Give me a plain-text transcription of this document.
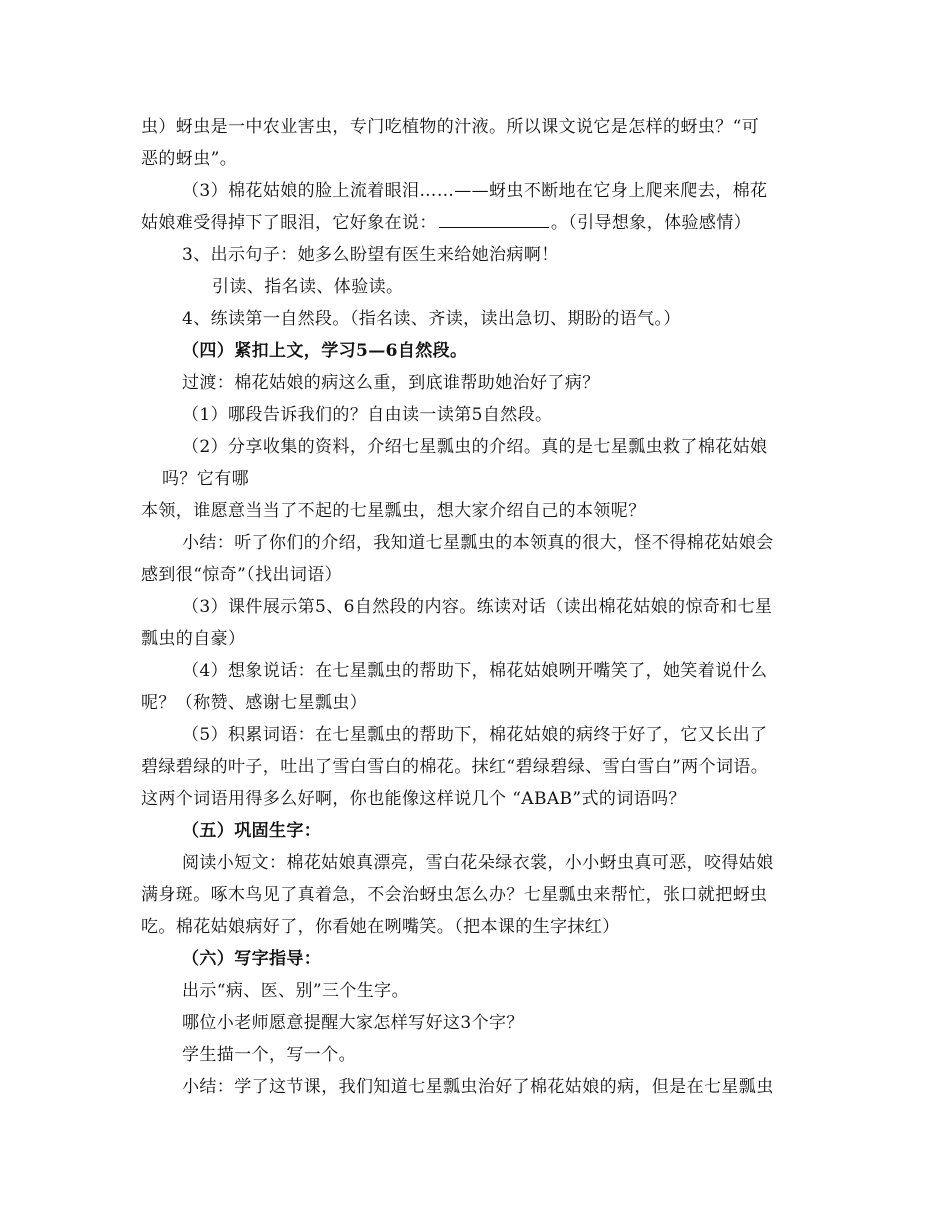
虫）蚜虫是一中农业害虫，专门吃植物的汁液。所以课文说它是怎样的蚜虫？“可
恶的蚜虫”。
（3）棉花姑娘的脸上流着眼泪……——蚜虫不断地在它身上爬来爬去，棉花
姑娘难受得掉下了眼泪，它好象在说：	。（引导想象，体验感情）
3、出示句子：她多么盼望有医生来给她治病啊！
引读、指名读、体验读。
4、练读第一自然段。（指名读、齐读，读出急切、期盼的语气。）
（四）紧扣上文，学习5—6自然段。
过渡：棉花姑娘的病这么重，到底谁帮助她治好了病？
（1）哪段告诉我们的？自由读一读第5自然段。
（2）分享收集的资料，介绍七星瓢虫的介绍。真的是七星瓢虫救了棉花姑娘
吗？它有哪
本领，谁愿意当当了不起的七星瓢虫，想大家介绍自己的本领呢？
小结：听了你们的介绍，我知道七星瓢虫的本领真的很大，怪不得棉花姑娘会
感到很“惊奇”（找出词语）
（3）课件展示第5、6自然段的内容。练读对话（读出棉花姑娘的惊奇和七星
瓢虫的自豪）
（4）想象说话：在七星瓢虫的帮助下，棉花姑娘咧开嘴笑了，她笑着说什么
呢？（称赞、感谢七星瓢虫）
（5）积累词语：在七星瓢虫的帮助下，棉花姑娘的病终于好了，它又长出了
碧绿碧绿的叶子，吐出了雪白雪白的棉花。抹红“碧绿碧绿、雪白雪白”两个词语。
这两个词语用得多么好啊，你也能像这样说几个 “ABAB”式的词语吗？
（五）巩固生字：
阅读小短文：棉花姑娘真漂亮，雪白花朵绿衣裳，小小蚜虫真可恶，咬得姑娘
满身斑。啄木鸟见了真着急，不会治蚜虫怎么办？七星瓢虫来帮忙，张口就把蚜虫
吃。棉花姑娘病好了，你看她在咧嘴笑。（把本课的生字抹红）
（六）写字指导：
出示“病、医、别”三个生字。
哪位小老师愿意提醒大家怎样写好这3个字？
学生描一个，写一个。
小结：学了这节课，我们知道七星瓢虫治好了棉花姑娘的病，但是在七星瓢虫
